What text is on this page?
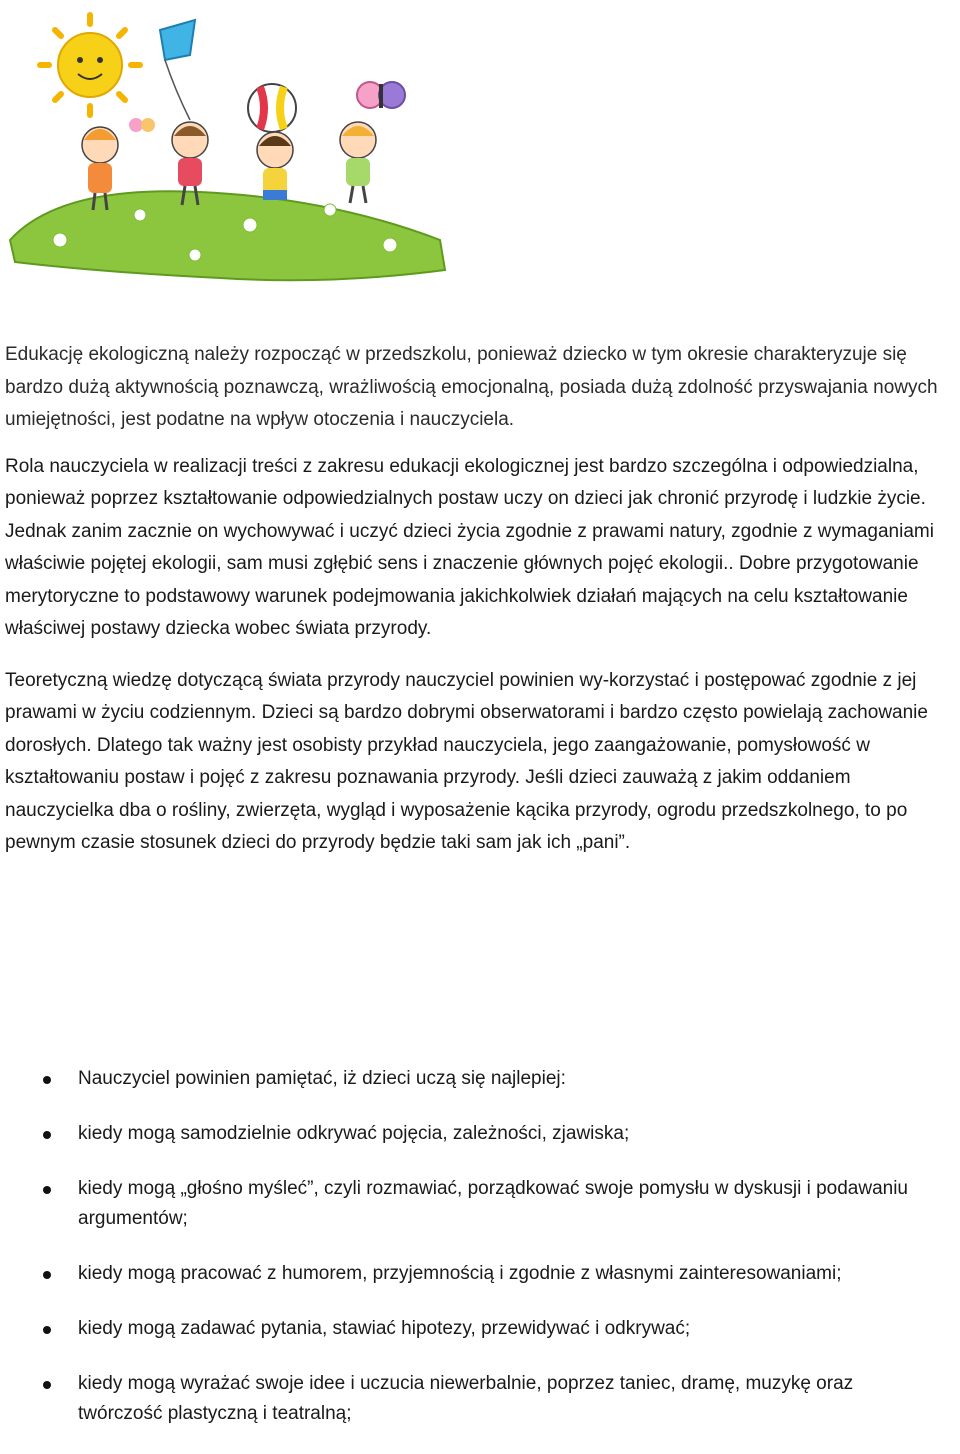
Edukację ekologiczną należy rozpocząć w przedszkolu, ponieważ dziecko w tym okresie charakteryzuje się bardzo dużą aktywnością poznawczą, wrażliwością emocjonalną, posiada dużą zdolność przyswajania nowych umiejętności, jest podatne na wpływ otoczenia i nauczyciela.

Rola nauczyciela w realizacji treści z zakresu edukacji ekologicznej jest bardzo szczególna i odpowiedzialna, ponieważ poprzez kształtowanie odpowiedzialnych postaw uczy on dzieci jak chronić przyrodę i ludzkie życie. Jednak zanim zacznie on wychowywać i uczyć dzieci życia zgodnie z prawami natury, zgodnie z wymaganiami właściwie pojętej ekologii, sam musi zgłębić sens i znaczenie głównych pojęć ekologii.. Dobre przygotowanie merytoryczne to podstawowy warunek podejmowania jakichkolwiek działań mających na celu kształtowanie właściwej postawy dziecka wobec świata przyrody.

Teoretyczną wiedzę dotyczącą świata przyrody nauczyciel powinien wy-korzystać i postępować zgodnie z jej prawami w życiu codziennym. Dzieci są bardzo dobrymi obserwatorami i bardzo często powielają zachowanie dorosłych. Dlatego tak ważny jest osobisty przykład nauczyciela, jego zaangażowanie, pomysłowość w kształtowaniu postaw i pojęć z zakresu poznawania przyrody. Jeśli dzieci zauważą z jakim oddaniem nauczycielka dba o rośliny, zwierzęta, wygląd i wyposażenie kącika przyrody, ogrodu przedszkolnego, to po pewnym czasie stosunek dzieci do przyrody będzie taki sam jak ich „pani”.

Nauczyciel powinien pamiętać, iż dzieci uczą się najlepiej:
kiedy mogą samodzielnie odkrywać pojęcia, zależności, zjawiska;
kiedy mogą „głośno myśleć”, czyli rozmawiać, porządkować swoje pomysłu w dyskusji i podawaniu argumentów;
kiedy mogą pracować z humorem, przyjemnością i zgodnie z własnymi zainteresowaniami;
kiedy mogą zadawać pytania, stawiać hipotezy, przewidywać i odkrywać;
kiedy mogą wyrażać swoje idee i uczucia niewerbalnie, poprzez taniec, dramę, muzykę oraz twórczość plastyczną i teatralną;
